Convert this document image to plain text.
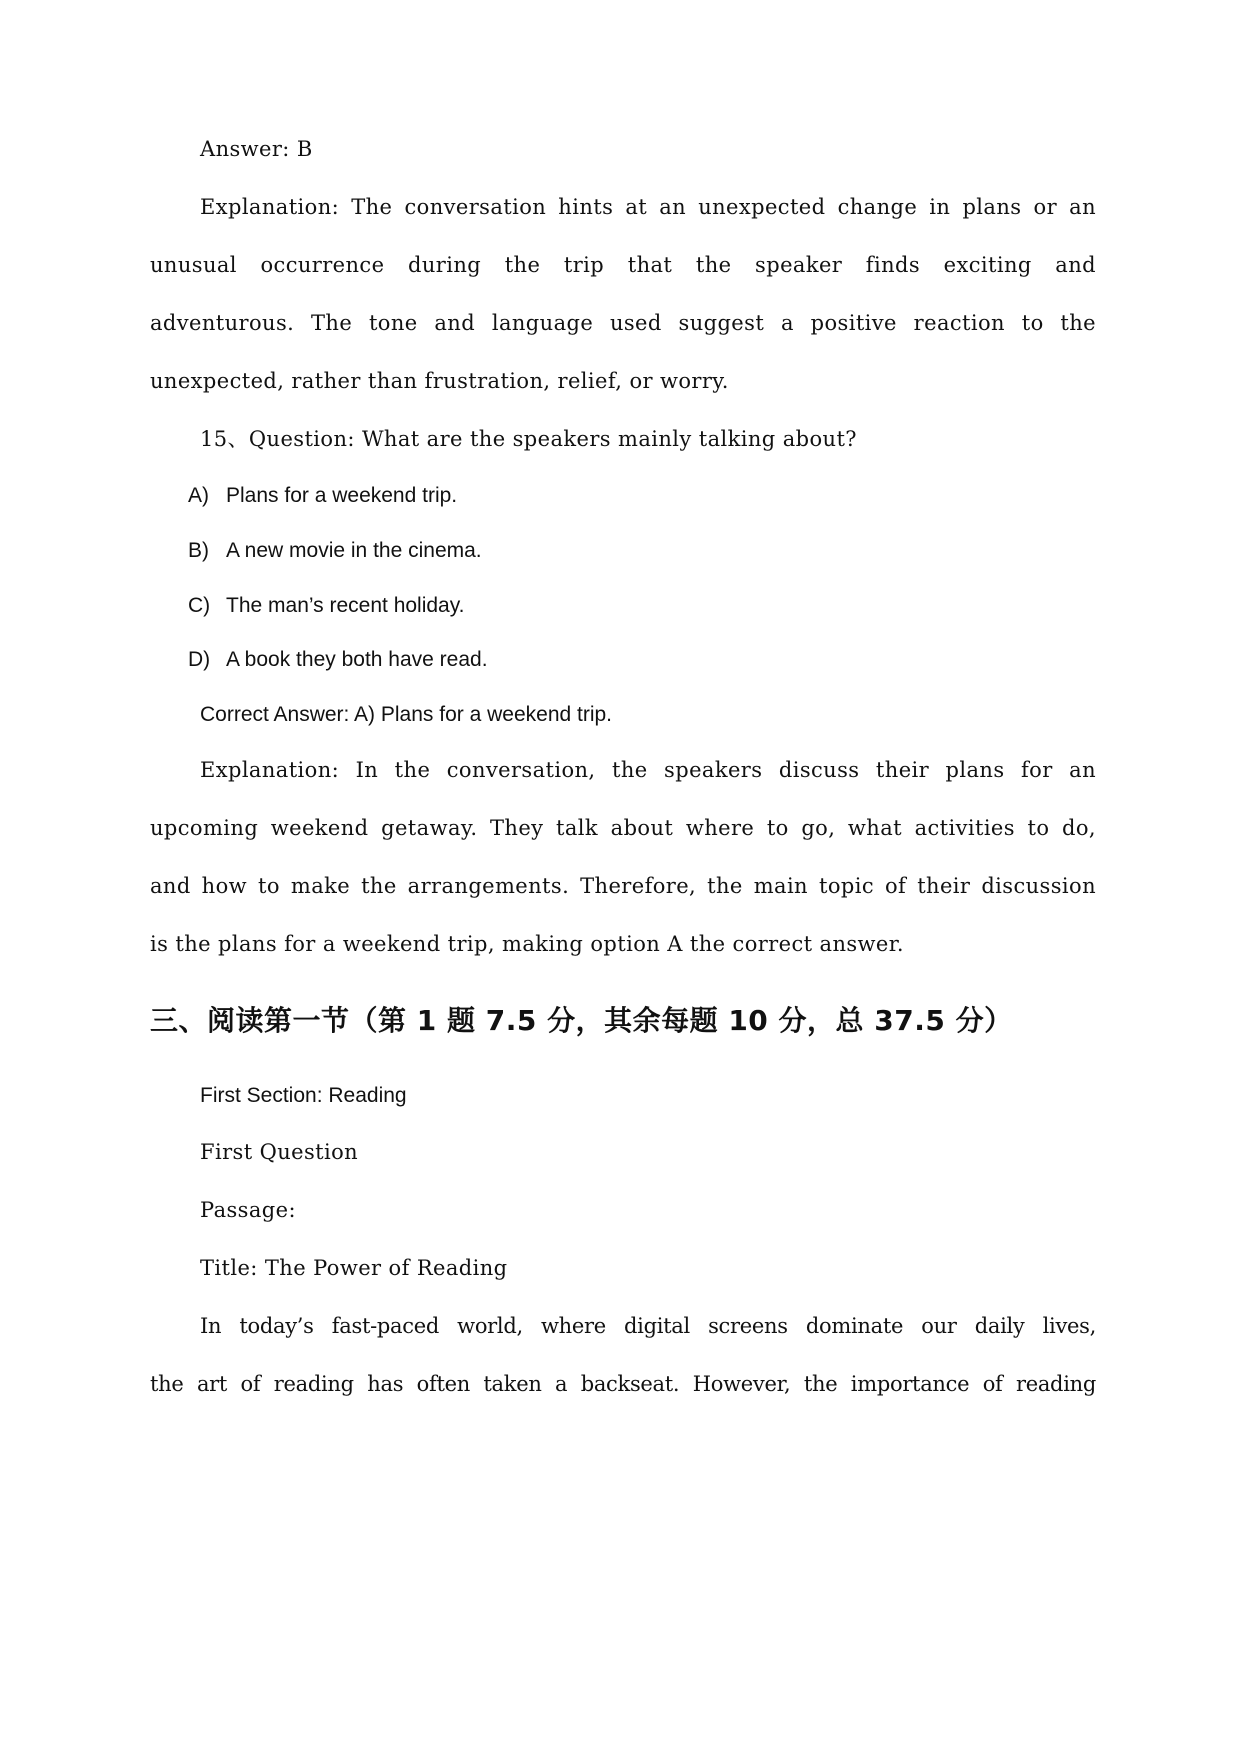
Answer: B
Explanation: The conversation hints at an unexpected change in plans or an
unusual occurrence during the trip that the speaker finds exciting and
adventurous. The tone and language used suggest a positive reaction to the
unexpected, rather than frustration, relief, or worry.
15、Question: What are the speakers mainly talking about?
A) Plans for a weekend trip.
B) A new movie in the cinema.
C) The man’s recent holiday.
D) A book they both have read.
Correct Answer: A) Plans for a weekend trip.
Explanation: In the conversation, the speakers discuss their plans for an
upcoming weekend getaway. They talk about where to go, what activities to do,
and how to make the arrangements. Therefore, the main topic of their discussion
is the plans for a weekend trip, making option A the correct answer.
三、阅读第一节（第 1 题 7.5 分，其余每题 10 分，总 37.5 分）
First Section: Reading
First Question
Passage:
Title: The Power of Reading
In today’s fast-paced world, where digital screens dominate our daily lives,
the art of reading has often taken a backseat. However, the importance of reading
